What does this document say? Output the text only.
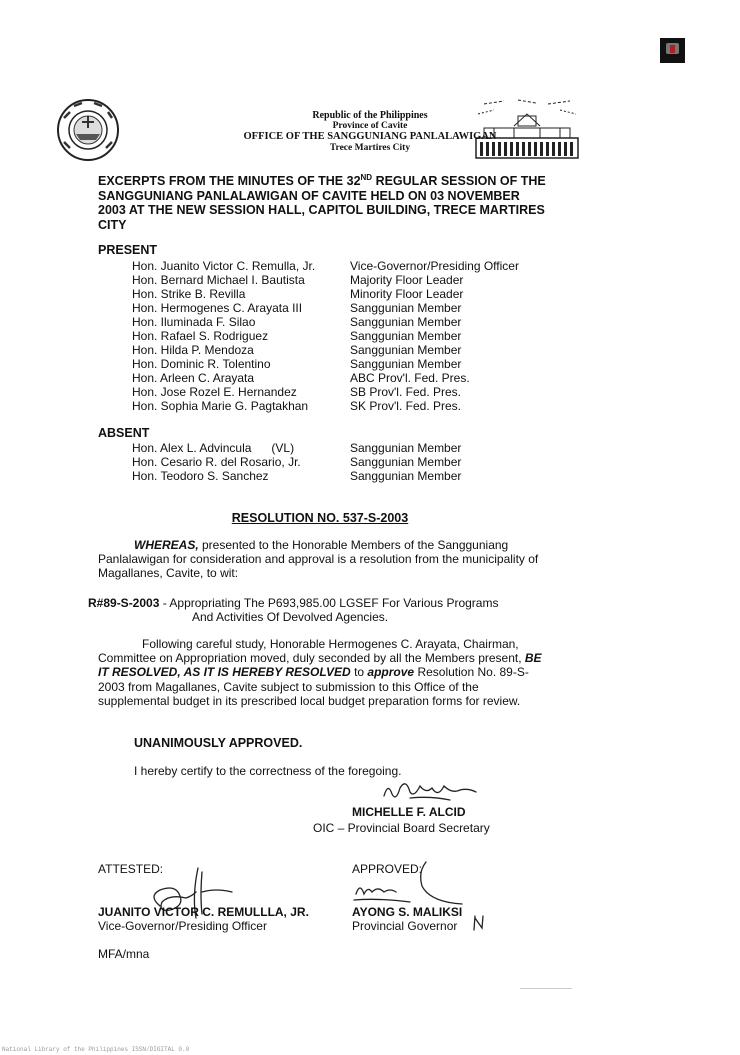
Republic of the Philippines
Province of Cavite
OFFICE OF THE SANGGUNIANG PANLALAWIGAN
Trece Martires City
EXCERPTS FROM THE MINUTES OF THE 32ND REGULAR SESSION OF THE SANGGUNIANG PANLALAWIGAN OF CAVITE HELD ON 03 NOVEMBER 2003 AT THE NEW SESSION HALL, CAPITOL BUILDING, TRECE MARTIRES CITY
PRESENT
Hon. Juanito Victor C. Remulla, Jr.	Vice-Governor/Presiding Officer
Hon. Bernard Michael I. Bautista	Majority Floor Leader
Hon. Strike B. Revilla	Minority Floor Leader
Hon. Hermogenes C. Arayata III	Sanggunian Member
Hon. Iluminada F. Silao	Sanggunian Member
Hon. Rafael S. Rodriguez	Sanggunian Member
Hon. Hilda P. Mendoza	Sanggunian Member
Hon. Dominic R. Tolentino	Sanggunian Member
Hon. Arleen C. Arayata	ABC Prov'l. Fed. Pres.
Hon. Jose Rozel E. Hernandez	SB Prov'l. Fed. Pres.
Hon. Sophia Marie G. Pagtakhan	SK Prov'l. Fed. Pres.
ABSENT
Hon. Alex L. Advincula      (VL)	Sanggunian Member
Hon. Cesario R. del Rosario, Jr.	Sanggunian Member
Hon. Teodoro S. Sanchez	Sanggunian Member
RESOLUTION NO. 537-S-2003
WHEREAS, presented to the Honorable Members of the Sangguniang Panlalawigan for consideration and approval is a resolution from the municipality of Magallanes, Cavite, to wit:
R#89-S-2003 - Appropriating The P693,985.00 LGSEF For Various Programs
And Activities Of Devolved Agencies.
Following careful study, Honorable Hermogenes C. Arayata, Chairman, Committee on Appropriation moved, duly seconded by all the Members present, BE IT RESOLVED, AS IT IS HEREBY RESOLVED to approve Resolution No. 89-S-2003 from Magallanes, Cavite subject to submission to this Office of the supplemental budget in its prescribed local budget preparation forms for review.
UNANIMOUSLY APPROVED.
I hereby certify to the correctness of the foregoing.
MICHELLE F. ALCID
OIC – Provincial Board Secretary
ATTESTED:
JUANITO VICTOR C. REMULLLA, JR.
Vice-Governor/Presiding Officer
APPROVED:
AYONG S. MALIKSI
Provincial Governor
MFA/mna
National Library of the Philippines ISSN/DIGITAL 0.0
